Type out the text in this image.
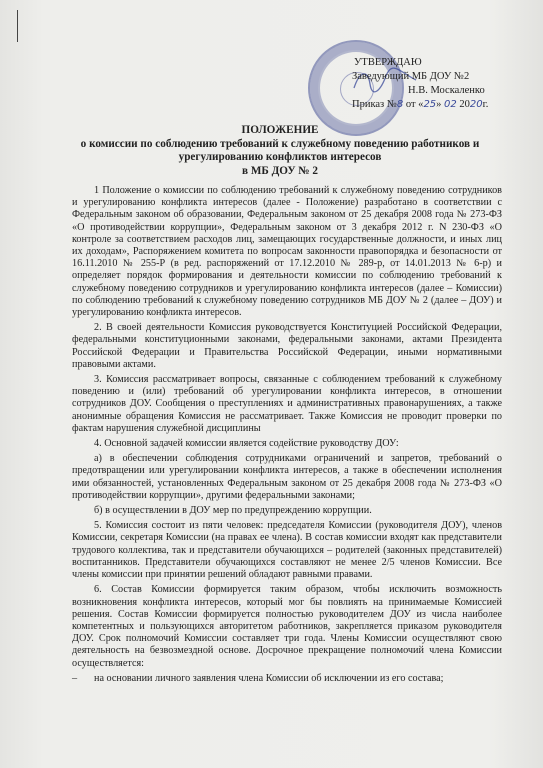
УТВЕРЖДАЮ
Заведующий МБ ДОУ №2
Н.В. Москаленко
Приказ №8 от «25» 02 2020г.
ПОЛОЖЕНИЕ
о комиссии по соблюдению требований к служебному поведению работников и
урегулированию конфликтов интересов
в МБ ДОУ № 2

1 Положение о комиссии по соблюдению требований к служебному поведению сотрудников и урегулированию конфликта интересов (далее - Положение) разработано в соответствии с Федеральным законом об образовании, Федеральным законом от 25 декабря 2008 года № 273-ФЗ «О противодействии коррупции», Федеральным законом от 3 декабря 2012 г. N 230-ФЗ «О контроле за соответствием расходов лиц, замещающих государственные должности, и иных лиц их доходам», Распоряжением комитета по вопросам законности правопорядка и безопасности от 16.11.2010 № 255-Р (в ред. распоряжений от 17.12.2010 № 289-р, от 14.01.2013 № 6-р) и определяет порядок формирования и деятельности комиссии по соблюдению требований к служебному поведению сотрудников и урегулированию конфликта интересов (далее – Комиссии) по соблюдению требований к служебному поведению сотрудников МБ ДОУ № 2 (далее – ДОУ) и урегулированию конфликта интересов.

2. В своей деятельности Комиссия руководствуется Конституцией Российской Федерации, федеральными конституционными законами, федеральными законами, актами Президента Российской Федерации и Правительства Российской Федерации, иными нормативными правовыми актами.

3. Комиссия рассматривает вопросы, связанные с соблюдением требований к служебному поведению и (или) требований об урегулировании конфликта интересов, в отношении сотрудников ДОУ. Сообщения о преступлениях и административных правонарушениях, а также анонимные обращения Комиссия не рассматривает. Также Комиссия не проводит проверки по фактам нарушения служебной дисциплины

4. Основной задачей комиссии является содействие руководству ДОУ:

а) в обеспечении соблюдения сотрудниками ограничений и запретов, требований о предотвращении или урегулировании конфликта интересов, а также в обеспечении исполнения ими обязанностей, установленных Федеральным законом от 25 декабря 2008 года № 273-ФЗ «О противодействии коррупции», другими федеральными законами;

б) в осуществлении в ДОУ мер по предупреждению коррупции.

5. Комиссия состоит из пяти человек: председателя Комиссии (руководителя ДОУ), членов Комиссии, секретаря Комиссии (на правах ее члена). В состав комиссии входят как представители трудового коллектива, так и представители обучающихся – родителей (законных представителей) воспитанников. Представители обучающихся составляют не менее 2/5 членов Комиссии. Все члены комиссии при принятии решений обладают равными правами.

6. Состав Комиссии формируется таким образом, чтобы исключить возможность возникновения конфликта интересов, который мог бы повлиять на принимаемые Комиссией решения. Состав Комиссии формируется полностью руководителем ДОУ из числа наиболее компетентных и пользующихся авторитетом работников, закрепляется приказом руководителя ДОУ. Срок полномочий Комиссии составляет три года. Члены Комиссии осуществляют свою деятельность на безвозмездной основе. Досрочное прекращение полномочий члена Комиссии осуществляется:

– на основании личного заявления члена Комиссии об исключении из его состава;
